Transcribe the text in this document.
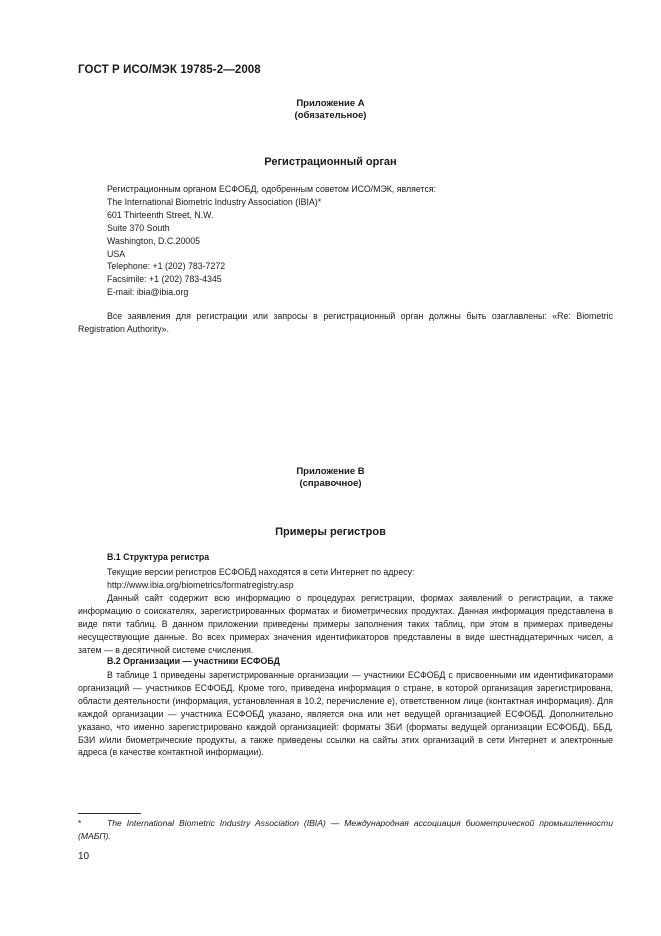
ГОСТ Р ИСО/МЭК 19785-2—2008
Приложение А
(обязательное)
Регистрационный орган
Регистрационным органом ЕСФОБД, одобренным советом ИСО/МЭК, является:
The International Biometric Industry Association (IBIA)*
601 Thirteenth Street, N.W.
Suite 370 South
Washington, D.C.20005
USA
Telephone: +1 (202) 783-7272
Facsimile: +1 (202) 783-4345
E-mail: ibia@ibia.org
Все заявления для регистрации или запросы в регистрационный орган должны быть озаглавлены: «Re: Biometric Registration Authority».
Приложение В
(справочное)
Примеры регистров
В.1 Структура регистра
Текущие версии регистров ЕСФОБД находятся в сети Интернет по адресу:
http://www.ibia.org/biometrics/formatregistry.asp
Данный сайт содержит всю информацию о процедурах регистрации, формах заявлений о регистрации, а также информацию о соискателях, зарегистрированных форматах и биометрических продуктах. Данная информация представлена в виде пяти таблиц. В данном приложении приведены примеры заполнения таких таблиц, при этом в примерах приведены несуществующие данные. Во всех примерах значения идентификаторов представлены в виде шестнадцатеричных чисел, а затем — в десятичной системе счисления.
В.2 Организации — участники ЕСФОБД
В таблице 1 приведены зарегистрированные организации — участники ЕСФОБД с присвоенными им идентификаторами организаций — участников ЕСФОБД. Кроме того, приведена информация о стране, в которой организация зарегистрирована, области деятельности (информация, установленная в 10.2, перечисление е), ответственном лице (контактная информация). Для каждой организации — участника ЕСФОБД указано, является она или нет ведущей организацией ЕСФОБД. Дополнительно указано, что именно зарегистрировано каждой организацией: форматы ЗБИ (форматы ведущей организации ЕСФОБД), ББД, БЗИ и/или биометрические продукты, а также приведены ссылки на сайты этих организаций в сети Интернет и электронные адреса (в качестве контактной информации).
*	The International Biometric Industry Association (IBIA) — Международная ассоциация биометрической промышленности (МАБП).
10
